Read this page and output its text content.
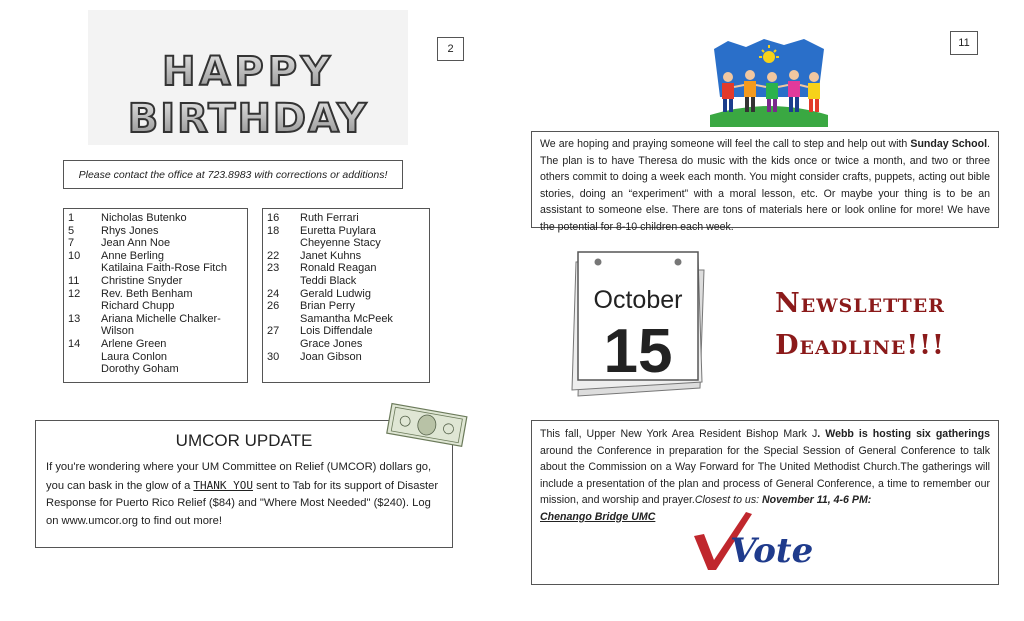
HAPPY
BIRTHDAY
2
Please contact the office at 723.8983 with corrections or additions!
1	Nicholas Butenko
5	Rhys Jones
7	Jean Ann Noe
10	Anne Berling
Katilaina Faith-Rose Fitch
11	Christine Snyder
12	Rev. Beth Benham
Richard Chupp
13	Ariana Michelle Chalker-
Wilson
14	Arlene Green
Laura Conlon
Dorothy Goham
16	Ruth Ferrari
18	Euretta Puylara
Cheyenne Stacy
22	Janet Kuhns
23	Ronald Reagan
Teddi Black
24	Gerald Ludwig
26	Brian Perry
Samantha McPeek
27	Lois Diffendale
Grace Jones
30	Joan Gibson
UMCOR UPDATE

If you're wondering where your UM Committee on Relief (UMCOR) dollars go, you can bask in the glow of a THANK YOU sent to Tab for its support of Disaster Response for Puerto Rico Relief ($84) and "Where Most Needed" ($240). Log on www.umcor.org to find out more!

11
We are hoping and praying someone will feel the call to step and help out with Sunday School. The plan is to have Theresa do music with the kids once or twice a month, and two or three others commit to doing a week each month. You might consider crafts, puppets, acting out bible stories, doing an “experiment” with a moral lesson, etc. Or maybe your thing is to be an assistant to someone else. There are tons of materials here or look online for more! We have the potential for 8-10 children each week.
October
15
Newsletter
Deadline!!!
This fall, Upper New York Area Resident Bishop Mark J. Webb is hosting six gatherings around the Conference in preparation for the Special Session of General Conference to talk about the Commission on a Way Forward for The United Methodist Church.The gatherings will include a presentation of the plan and process of General Conference, a time to remember our mission, and worship and prayer.Closest to us: November 11, 4-6 PM:
Chenango Bridge UMC
Vote
